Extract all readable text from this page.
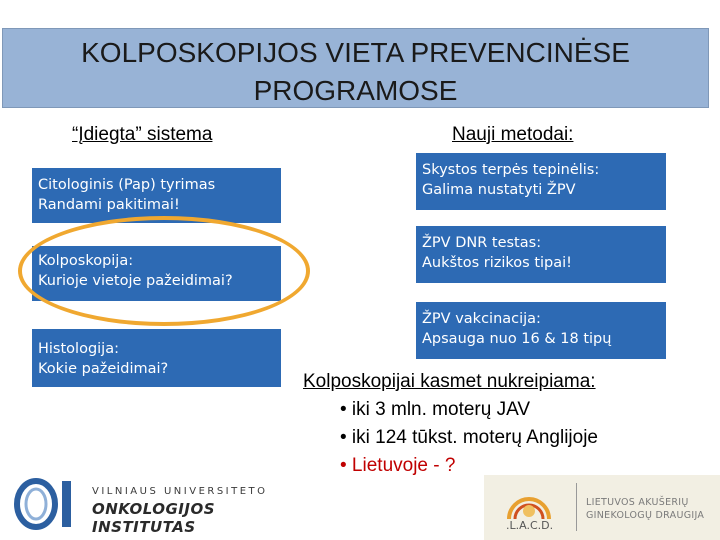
KOLPOSKOPIJOS VIETA PREVENCINĖSE
PROGRAMOSE
“Įdiegta” sistema	Nauji metodai:
Citologinis (Pap) tyrimas
Randami pakitimai!
Kolposkopija:
Kurioje vietoje pažeidimai?
Histologija:
Kokie pažeidimai?
Skystos terpės tepinėlis:
Galima nustatyti ŽPV
ŽPV DNR testas:
Aukštos rizikos tipai!
ŽPV vakcinacija:
Apsauga nuo 16 & 18 tipų
Kolposkopijai kasmet nukreipiama:
• iki 3 mln. moterų JAV
• iki 124 tūkst. moterų Anglijoje
• Lietuvoje - ?
VILNIAUS UNIVERSITETO
ONKOLOGIJOS INSTITUTAS	.L.A.C.D.
LIETUVOS AKUŠERIŲ
GINEKOLOGŲ DRAUGIJA
